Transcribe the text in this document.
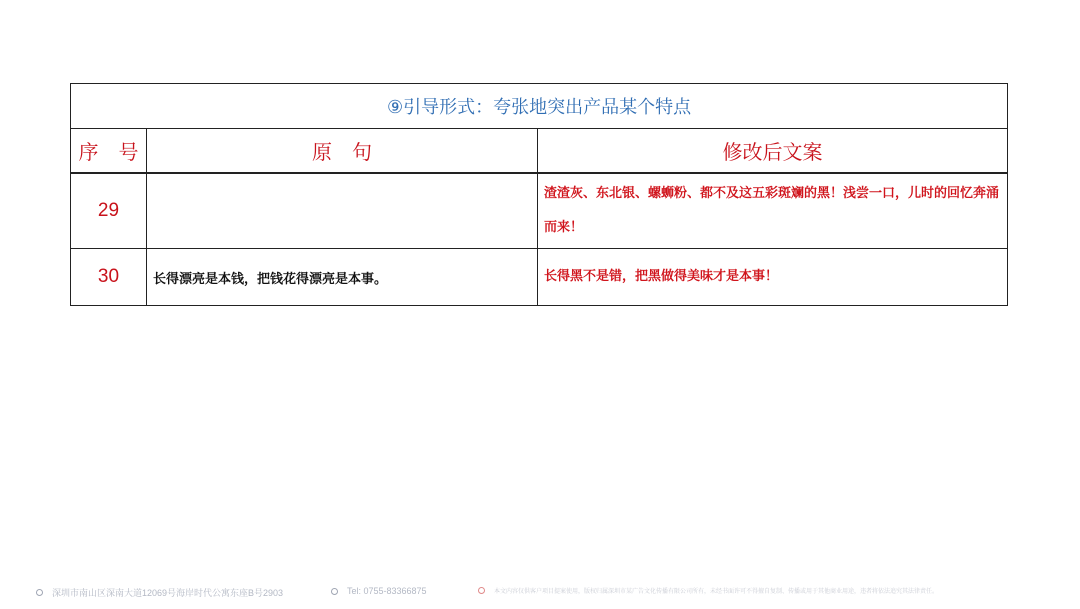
⑨引导形式：夸张地突出产品某个特点		
序　号	原　句	修改后文案
29		渣渣灰、东北银、螺蛳粉、都不及这五彩斑斓的黑！浅尝一口，儿时的回忆奔涌而来！
30	长得漂亮是本钱，把钱花得漂亮是本事。	长得黑不是错，把黑做得美味才是本事！
深圳市南山区深南大道12069号海岸时代公寓东座B号2903	Tel: 0755-83366875	本文内容仅供客户项目提案使用，版权归属深圳市某广告文化传播有限公司所有，未经书面许可不得擅自复制、传播或用于其他商业用途，违者将依法追究其法律责任。
